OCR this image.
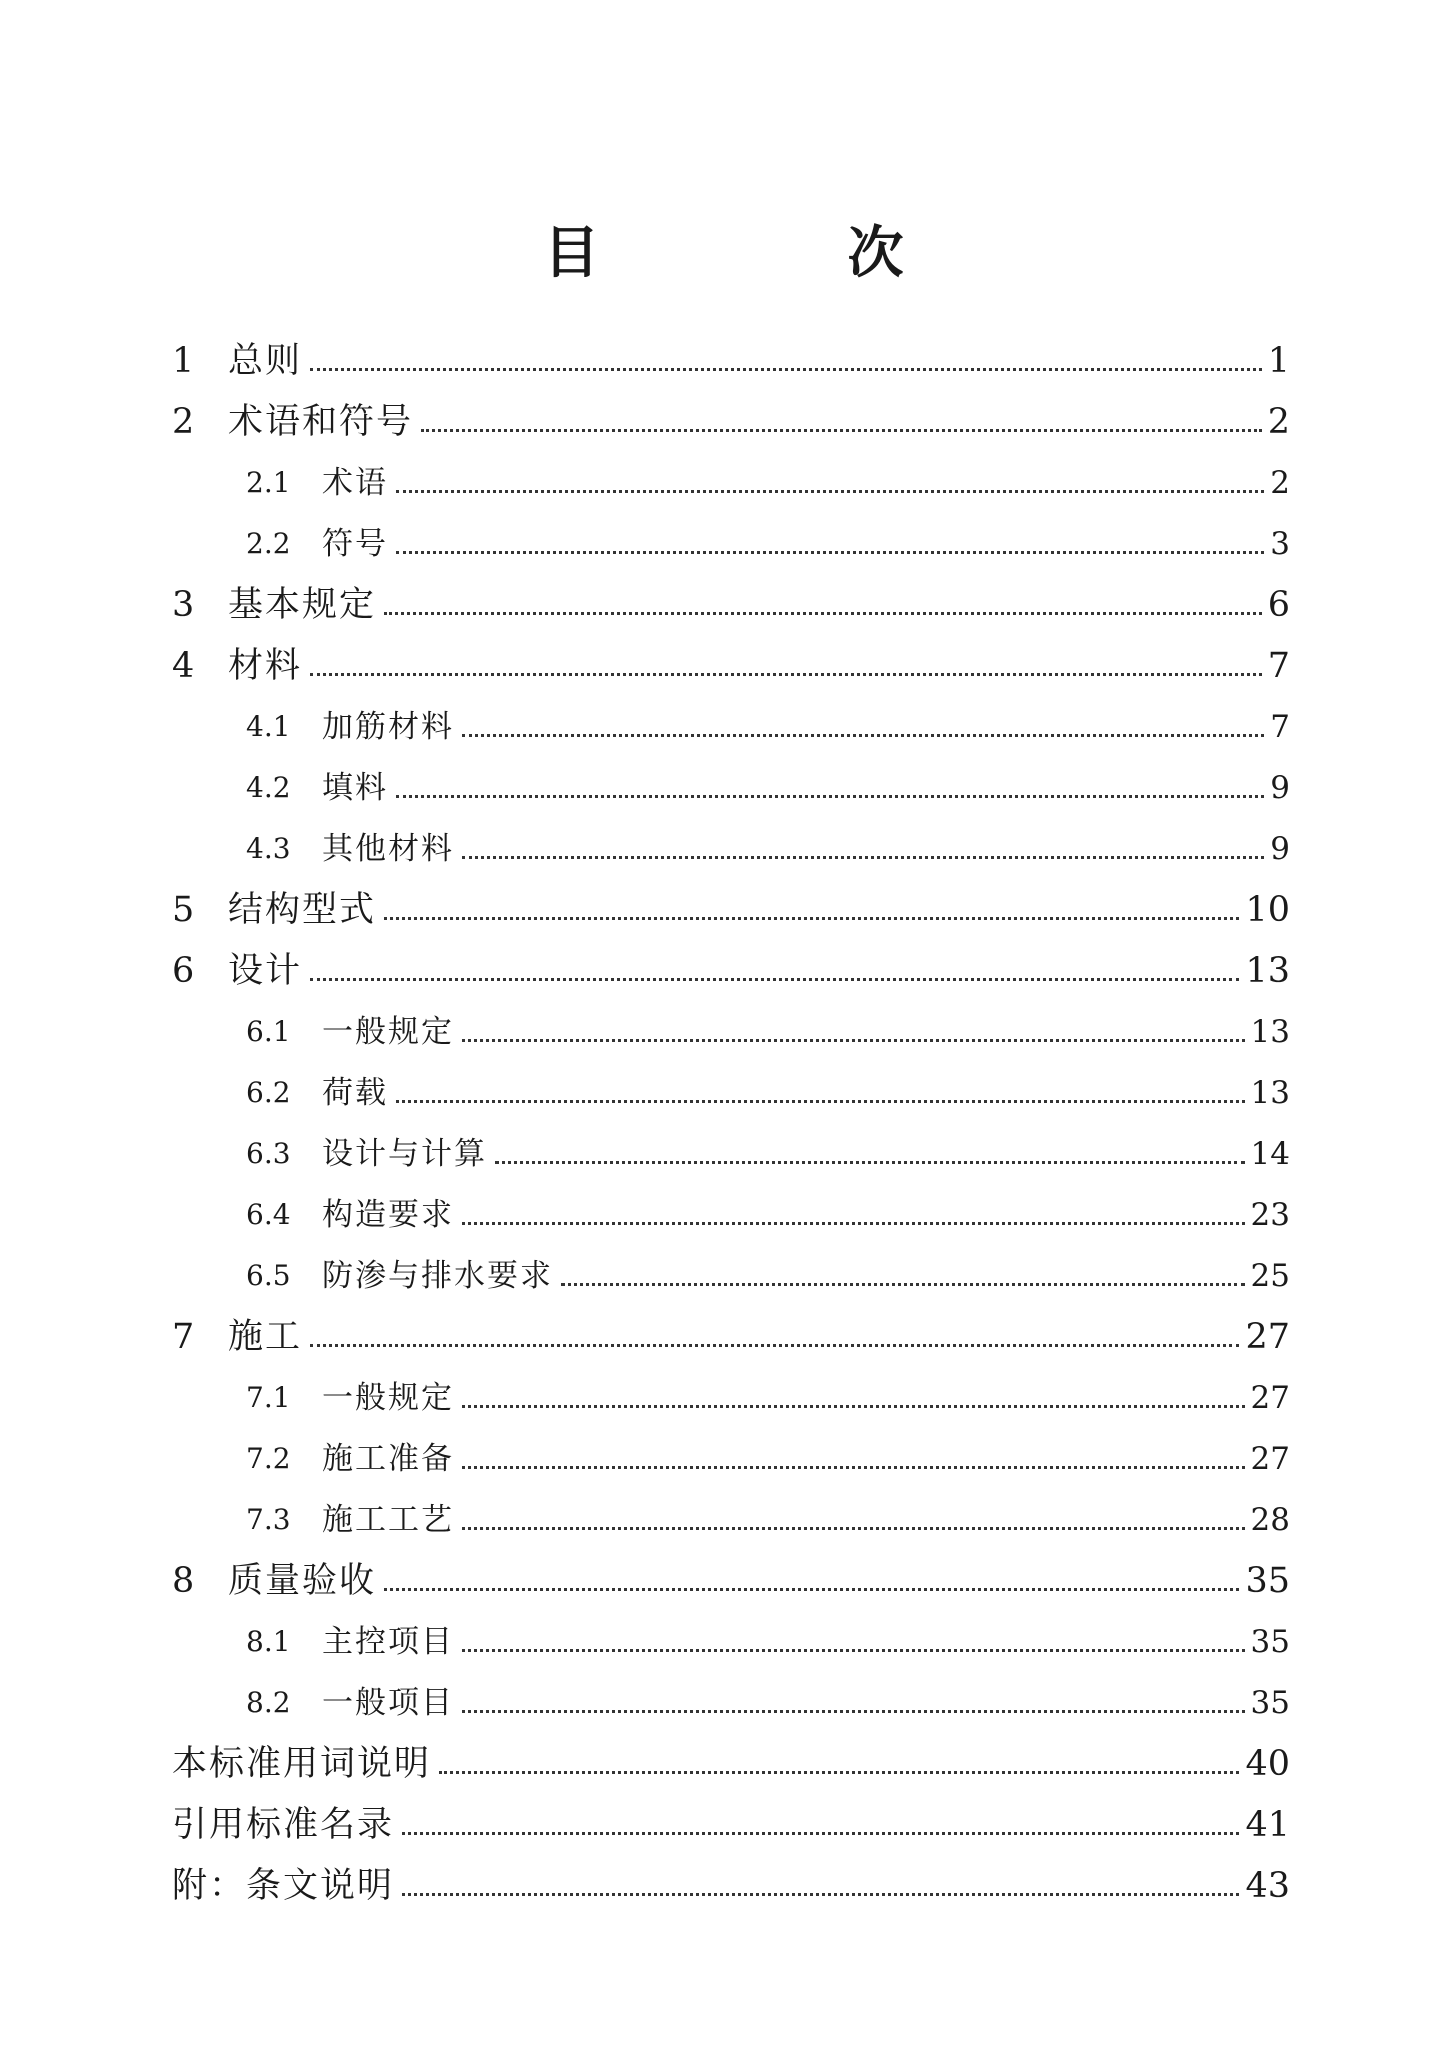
目　次
1 总则	1
2 术语和符号	2
2.1	术语	2
2.2	符号	3
3 基本规定	6
4 材料	7
4.1	加筋材料	7
4.2	填料	9
4.3	其他材料	9
5 结构型式	10
6 设计	13
6.1	一般规定	13
6.2	荷载	13
6.3	设计与计算	14
6.4	构造要求	23
6.5	防渗与排水要求	25
7 施工	27
7.1	一般规定	27
7.2	施工准备	27
7.3	施工工艺	28
8 质量验收	35
8.1	主控项目	35
8.2	一般项目	35
本标准用词说明	40
引用标准名录	41
附：条文说明	43
